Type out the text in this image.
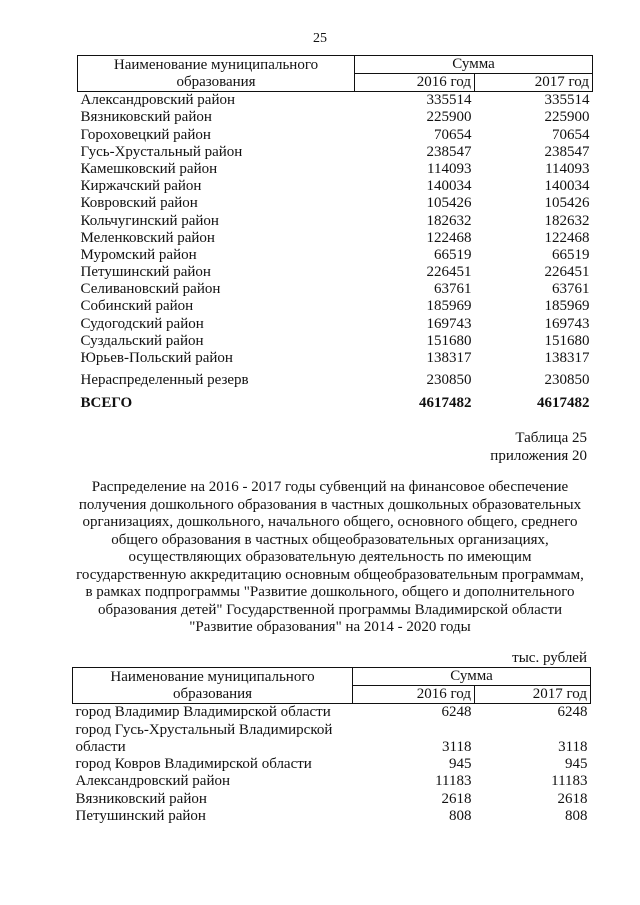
25
Наименование муниципального образования	Сумма	
	2016 год	2017 год
Александровский район	335514	335514
Вязниковский район	225900	225900
Гороховецкий район	70654	70654
Гусь-Хрустальный район	238547	238547
Камешковский район	114093	114093
Киржачский район	140034	140034
Ковровский район	105426	105426
Кольчугинский район	182632	182632
Меленковский район	122468	122468
Муромский район	66519	66519
Петушинский район	226451	226451
Селивановский район	63761	63761
Собинский район	185969	185969
Судогодский район	169743	169743
Суздальский район	151680	151680
Юрьев-Польский район	138317	138317
Нераспределенный резерв	230850	230850
ВСЕГО	4617482	4617482
Таблица 25
приложения 20
Распределение на 2016 - 2017 годы субвенций на финансовое обеспечение
получения дошкольного образования в частных дошкольных образовательных
организациях, дошкольного, начального общего, основного общего, среднего
общего образования в частных общеобразовательных организациях,
осуществляющих образовательную деятельность по имеющим
государственную аккредитацию основным общеобразовательным программам,
в рамках подпрограммы "Развитие дошкольного, общего и дополнительного
образования детей" Государственной программы Владимирской области
"Развитие образования" на 2014 - 2020 годы
тыс. рублей
Наименование муниципального образования	Сумма	
	2016 год	2017 год
город Владимир Владимирской области	6248	6248
город Гусь-Хрустальный Владимирской		
области	3118	3118
город Ковров Владимирской области	945	945
Александровский район	11183	11183
Вязниковский район	2618	2618
Петушинский район	808	808
